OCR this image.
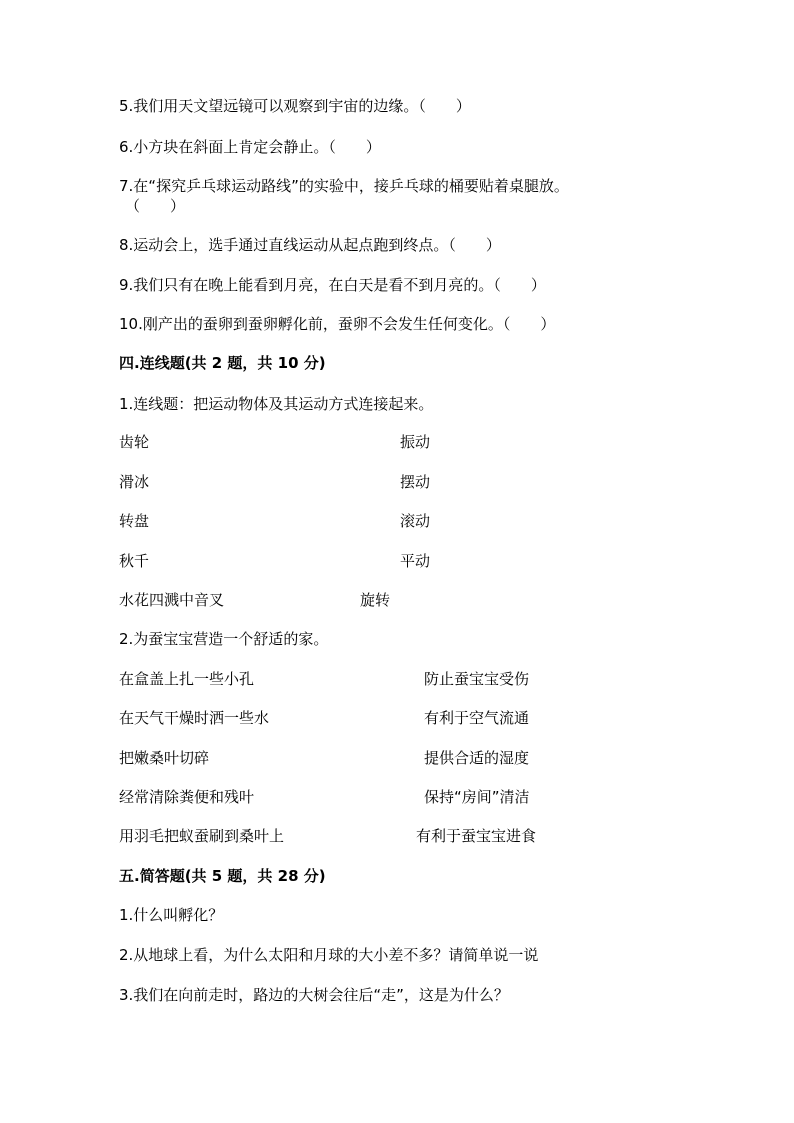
5.我们用天文望远镜可以观察到宇宙的边缘。（　　）
6.小方块在斜面上肯定会静止。（　　）
7.在“探究乒乓球运动路线”的实验中，接乒乓球的桶要贴着桌腿放。
（　　）
8.运动会上，选手通过直线运动从起点跑到终点。（　　）
9.我们只有在晚上能看到月亮，在白天是看不到月亮的。（　　）
10.刚产出的蚕卵到蚕卵孵化前，蚕卵不会发生任何变化。（　　）
四.连线题(共 2 题，共 10 分)
1.连线题：把运动物体及其运动方式连接起来。
齿轮	振动
滑冰	摆动
转盘	滚动
秋千	平动
水花四溅中音叉	旋转
2.为蚕宝宝营造一个舒适的家。
在盒盖上扎一些小孔	防止蚕宝宝受伤
在天气干燥时洒一些水	有利于空气流通
把嫩桑叶切碎	提供合适的湿度
经常清除粪便和残叶	保持“房间”清洁
用羽毛把蚁蚕刷到桑叶上	有利于蚕宝宝进食
五.简答题(共 5 题，共 28 分)
1.什么叫孵化？
2.从地球上看，为什么太阳和月球的大小差不多？请简单说一说
3.我们在向前走时，路边的大树会往后“走”，这是为什么？
